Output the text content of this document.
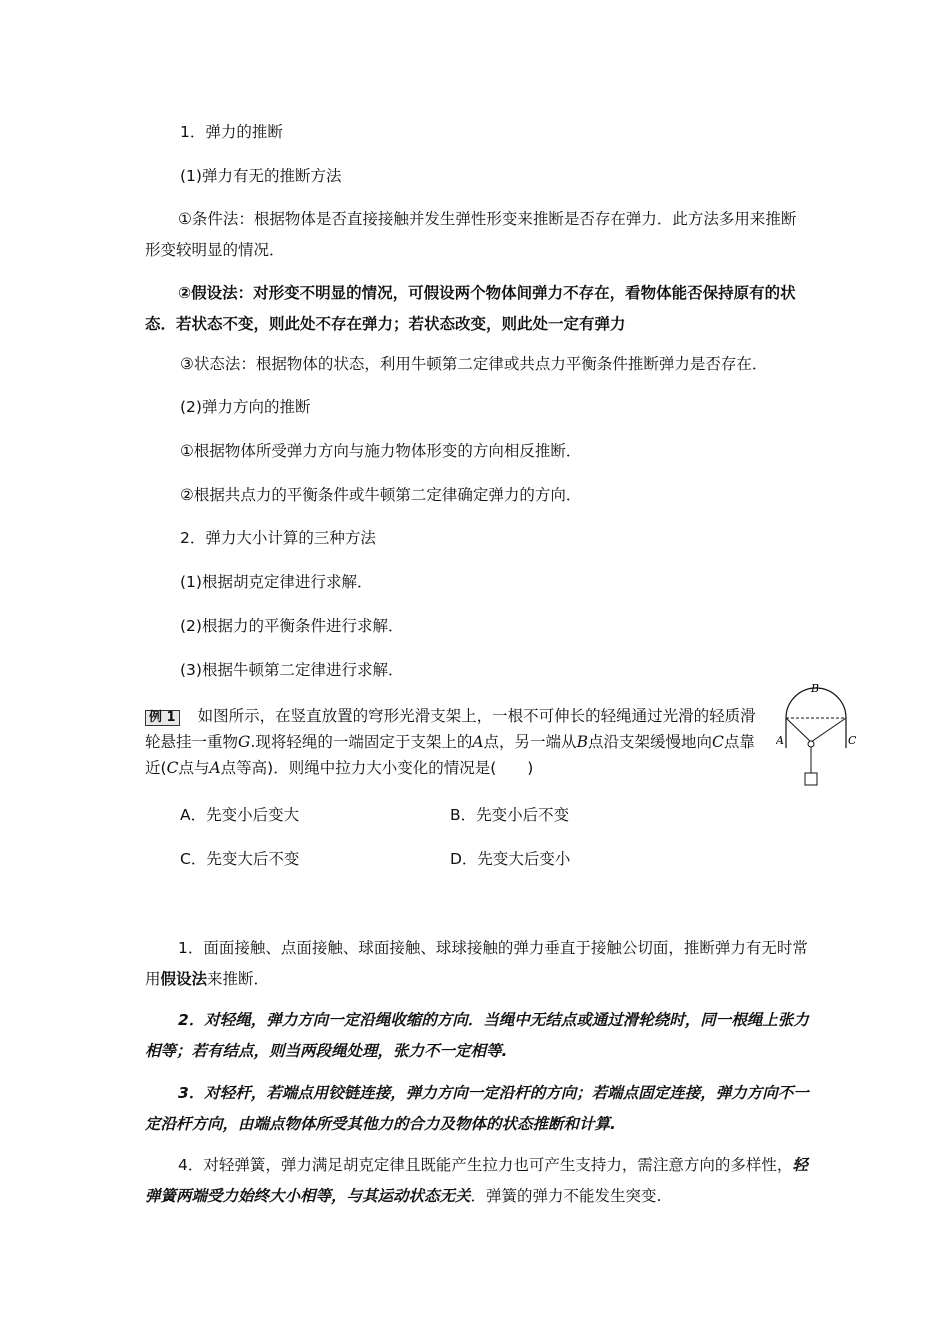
1．弹力的推断
(1)弹力有无的推断方法
①条件法：根据物体是否直接接触并发生弹性形变来推断是否存在弹力．此方法多用来推断形变较明显的情况．
②假设法：对形变不明显的情况，可假设两个物体间弹力不存在，看物体能否保持原有的状态．若状态不变，则此处不存在弹力；若状态改变，则此处一定有弹力
③状态法：根据物体的状态，利用牛顿第二定律或共点力平衡条件推断弹力是否存在．
(2)弹力方向的推断
①根据物体所受弹力方向与施力物体形变的方向相反推断．
②根据共点力的平衡条件或牛顿第二定律确定弹力的方向．
2．弹力大小计算的三种方法
(1)根据胡克定律进行求解．
(2)根据力的平衡条件进行求解．
(3)根据牛顿第二定律进行求解．
例 1 如图所示，在竖直放置的穹形光滑支架上，一根不可伸长的轻绳通过光滑的轻质滑轮悬挂一重物G.现将轻绳的一端固定于支架上的A点，另一端从B点沿支架缓慢地向C点靠近(C点与A点等高)．则绳中拉力大小变化的情况是(　　)
B
A	C
A．先变小后变大	B．先变小后不变
C．先变大后不变	D．先变大后变小
1．面面接触、点面接触、球面接触、球球接触的弹力垂直于接触公切面，推断弹力有无时常用假设法来推断．
2．对轻绳，弹力方向一定沿绳收缩的方向．当绳中无结点或通过滑轮绕时，同一根绳上张力相等；若有结点，则当两段绳处理，张力不一定相等.
3．对轻杆，若端点用铰链连接，弹力方向一定沿杆的方向；若端点固定连接，弹力方向不一定沿杆方向，由端点物体所受其他力的合力及物体的状态推断和计算.
4．对轻弹簧，弹力满足胡克定律且既能产生拉力也可产生支持力，需注意方向的多样性，轻弹簧两端受力始终大小相等，与其运动状态无关．弹簧的弹力不能发生突变.
